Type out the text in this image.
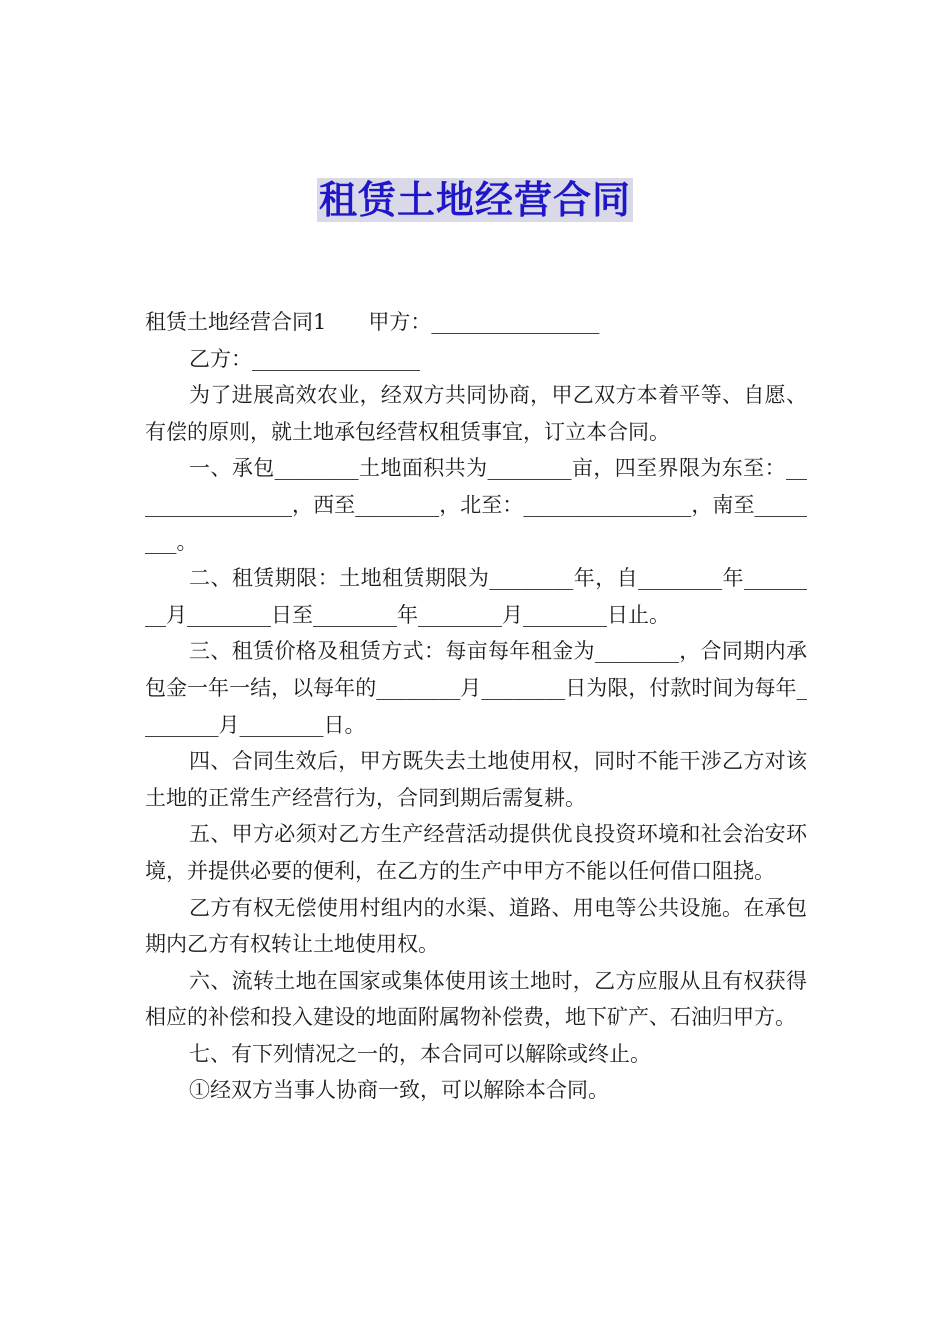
租赁土地经营合同

租赁土地经营合同1　　甲方：________________

乙方：________________

为了进展高效农业，经双方共同协商，甲乙双方本着平等、自愿、有偿的原则，就土地承包经营权租赁事宜，订立本合同。

一、承包________土地面积共为________亩，四至界限为东至：________________，西至________，北至：________________，南至________。

二、租赁期限：土地租赁期限为________年，自________年________月________日至________年________月________日止。

三、租赁价格及租赁方式：每亩每年租金为________，合同期内承包金一年一结，以每年的________月________日为限，付款时间为每年________月________日。

四、合同生效后，甲方既失去土地使用权，同时不能干涉乙方对该土地的正常生产经营行为，合同到期后需复耕。

五、甲方必须对乙方生产经营活动提供优良投资环境和社会治安环境，并提供必要的便利，在乙方的生产中甲方不能以任何借口阻挠。

乙方有权无偿使用村组内的水渠、道路、用电等公共设施。在承包期内乙方有权转让土地使用权。

六、流转土地在国家或集体使用该土地时，乙方应服从且有权获得相应的补偿和投入建设的地面附属物补偿费，地下矿产、石油归甲方。

七、有下列情况之一的，本合同可以解除或终止。

①经双方当事人协商一致，可以解除本合同。
